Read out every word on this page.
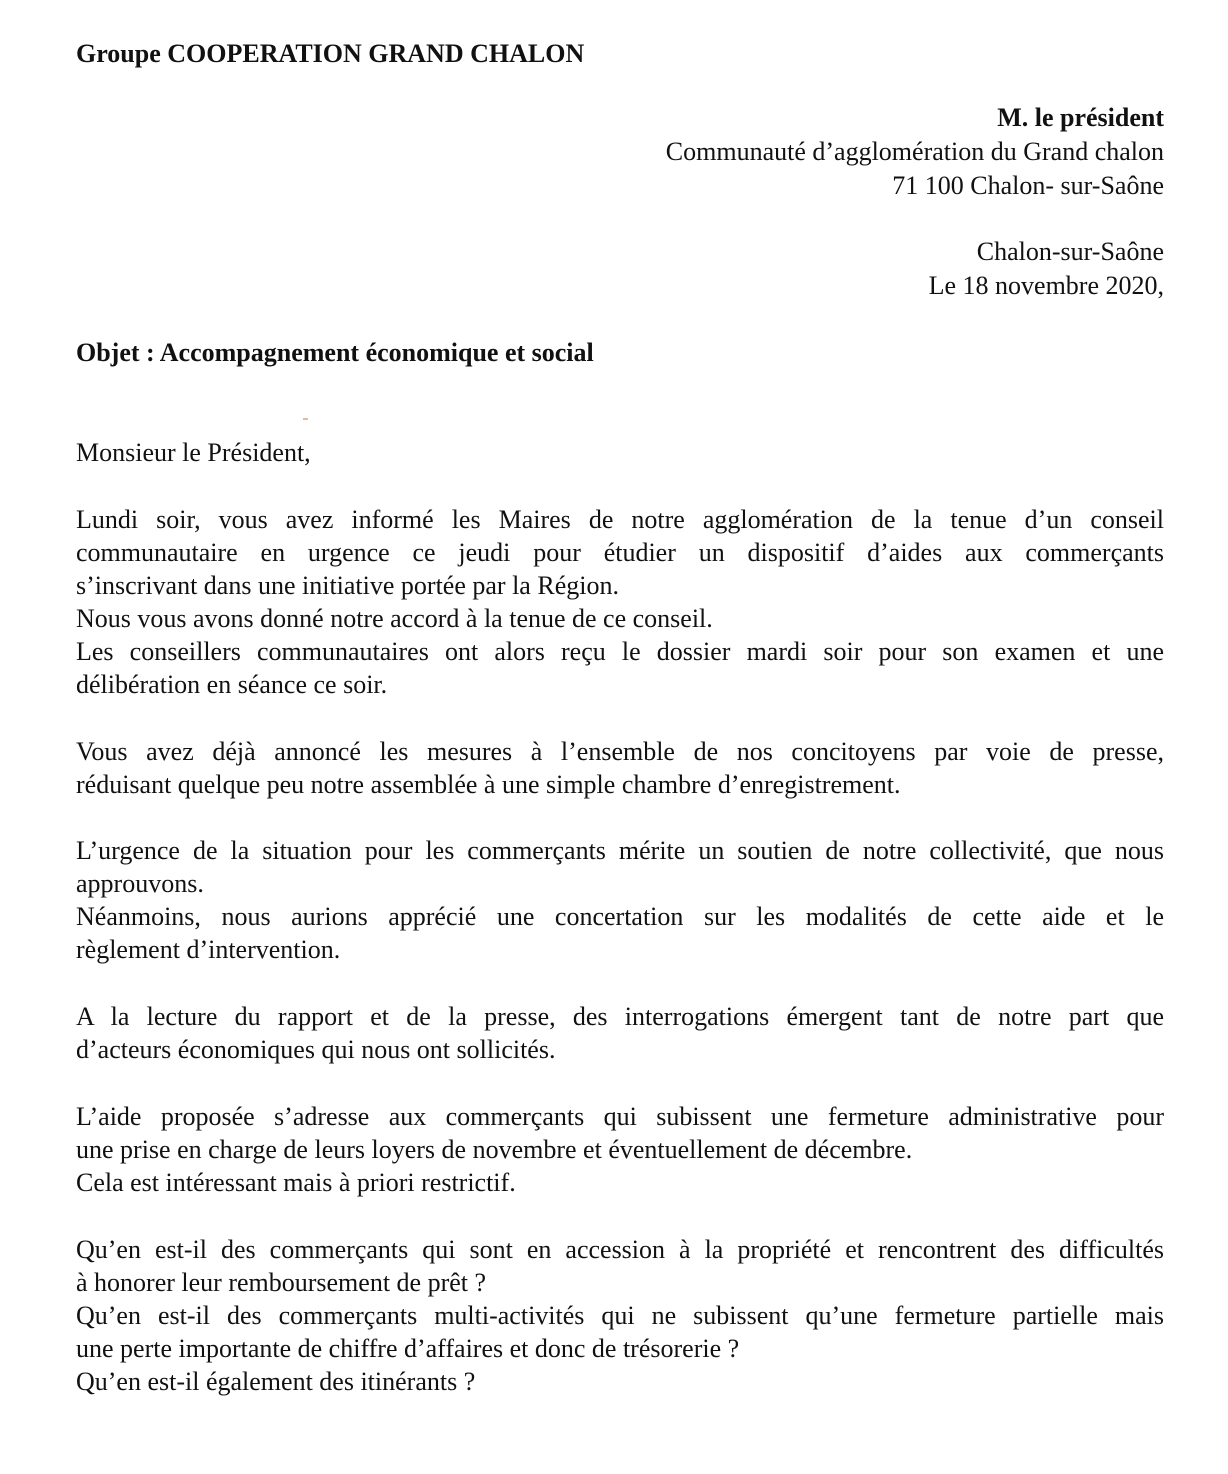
Groupe COOPERATION GRAND CHALON
M. le président
Communauté d’agglomération du Grand chalon
71 100 Chalon- sur-Saône
Chalon-sur-Saône
Le 18 novembre 2020,
Objet : Accompagnement économique et social
Monsieur le Président,
Lundi soir, vous avez informé les Maires de notre agglomération de la tenue d’un conseil
communautaire en urgence ce jeudi pour étudier un dispositif d’aides aux commerçants
s’inscrivant dans une initiative portée par la Région.
Nous vous avons donné notre accord à la tenue de ce conseil.
Les conseillers communautaires ont alors reçu le dossier mardi soir pour son examen et une
délibération en séance ce soir.
Vous avez déjà annoncé les mesures à l’ensemble de nos concitoyens par voie de presse,
réduisant quelque peu notre assemblée à une simple chambre d’enregistrement.
L’urgence de la situation pour les commerçants mérite un soutien de notre collectivité, que nous
approuvons.
Néanmoins, nous aurions apprécié une concertation sur les modalités de cette aide et le
règlement d’intervention.
A la lecture du rapport et de la presse, des interrogations émergent tant de notre part que
d’acteurs économiques qui nous ont sollicités.
L’aide proposée s’adresse aux commerçants qui subissent une fermeture administrative pour
une prise en charge de leurs loyers de novembre et éventuellement de décembre.
Cela est intéressant mais à priori restrictif.
Qu’en est-il des commerçants qui sont en accession à la propriété et rencontrent des difficultés
à honorer leur remboursement de prêt ?
Qu’en est-il des commerçants multi-activités qui ne subissent qu’une fermeture partielle mais
une perte importante de chiffre d’affaires et donc de trésorerie ?
Qu’en est-il également des itinérants ?
